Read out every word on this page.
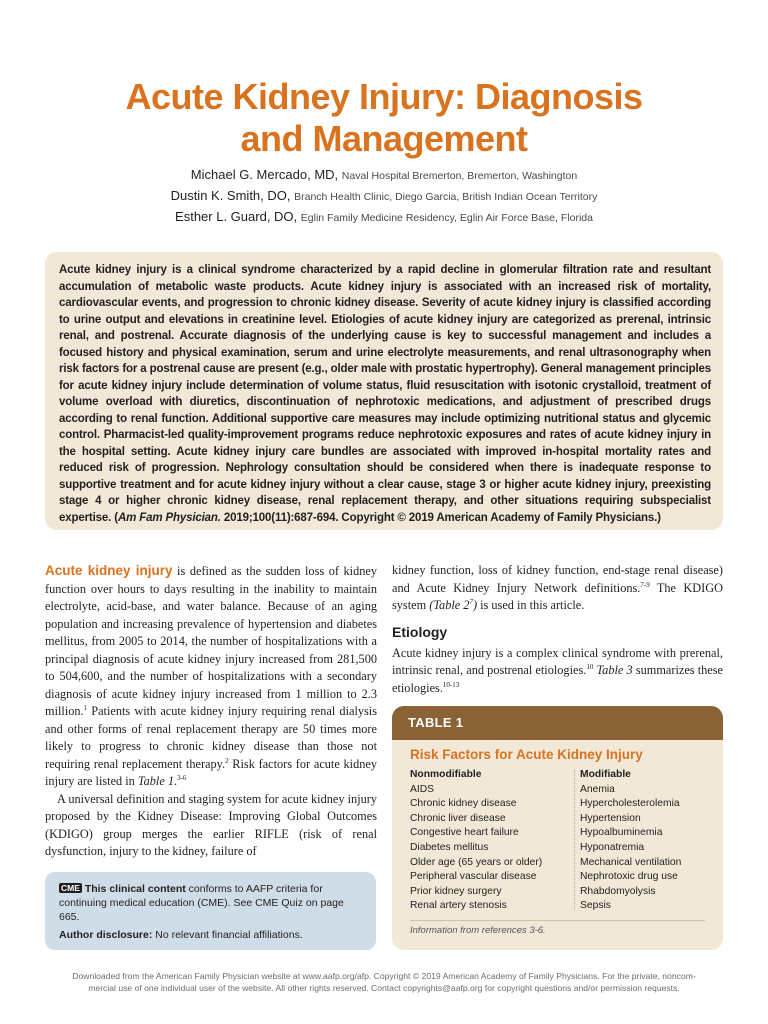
Acute Kidney Injury: Diagnosis
and Management
Michael G. Mercado, MD, Naval Hospital Bremerton, Bremerton, Washington
Dustin K. Smith, DO, Branch Health Clinic, Diego Garcia, British Indian Ocean Territory
Esther L. Guard, DO, Eglin Family Medicine Residency, Eglin Air Force Base, Florida

Acute kidney injury is a clinical syndrome characterized by a rapid decline in glomerular filtration rate and resultant accumulation of metabolic waste products. Acute kidney injury is associated with an increased risk of mortality, cardiovascular events, and progression to chronic kidney disease. Severity of acute kidney injury is classified according to urine output and elevations in creatinine level. Etiologies of acute kidney injury are categorized as prerenal, intrinsic renal, and postrenal. Accurate diagnosis of the underlying cause is key to successful management and includes a focused history and physical examination, serum and urine electrolyte measurements, and renal ultrasonography when risk factors for a postrenal cause are present (e.g., older male with prostatic hypertrophy). General management principles for acute kidney injury include determination of volume status, fluid resuscitation with isotonic crystalloid, treatment of volume overload with diuretics, discontinuation of nephrotoxic medications, and adjustment of prescribed drugs according to renal function. Additional supportive care measures may include optimizing nutritional status and glycemic control. Pharmacist-led quality-improvement programs reduce nephrotoxic exposures and rates of acute kidney injury in the hospital setting. Acute kidney injury care bundles are associated with improved in-hospital mortality rates and reduced risk of progression. Nephrology consultation should be considered when there is inadequate response to supportive treatment and for acute kidney injury without a clear cause, stage 3 or higher acute kidney injury, preexisting stage 4 or higher chronic kidney disease, renal replacement therapy, and other situations requiring subspecialist expertise. (Am Fam Physician. 2019;100(11):687-694. Copyright © 2019 American Academy of Family Physicians.)

Acute kidney injury is defined as the sudden loss of kidney function over hours to days resulting in the inability to maintain electrolyte, acid-base, and water balance. Because of an aging population and increasing prevalence of hypertension and diabetes mellitus, from 2005 to 2014, the number of hospitalizations with a principal diagnosis of acute kidney injury increased from 281,500 to 504,600, and the number of hospitalizations with a secondary diagnosis of acute kidney injury increased from 1 million to 2.3 million.$^1$ Patients with acute kidney injury requiring renal dialysis and other forms of renal replacement therapy are 50 times more likely to progress to chronic kidney disease than those not requiring renal replacement therapy.$^2$ Risk factors for acute kidney injury are listed in Table 1.$^{3-6}$

A universal definition and staging system for acute kidney injury proposed by the Kidney Disease: Improving Global Outcomes (KDIGO) group merges the earlier RIFLE (risk of renal dysfunction, injury to the kidney, failure of

kidney function, loss of kidney function, end-stage renal disease) and Acute Kidney Injury Network definitions.$^{7-9}$ The KDIGO system (Table $2^7$) is used in this article.

Etiology

Acute kidney injury is a complex clinical syndrome with prerenal, intrinsic renal, and postrenal etiologies.$^{10}$ Table 3 summarizes these etiologies.$^{10-13}$

TABLE 1
Risk Factors for Acute Kidney Injury
Nonmodifiable
AIDS
Chronic kidney disease
Chronic liver disease
Congestive heart failure
Diabetes mellitus
Older age (65 years or older)
Peripheral vascular disease
Prior kidney surgery
Renal artery stenosis
Modifiable
Anemia
Hypercholesterolemia
Hypertension
Hypoalbuminemia
Hyponatremia
Mechanical ventilation
Nephrotoxic drug use
Rhabdomyolysis
Sepsis
Information from references 3-6.
CME This clinical content conforms to AAFP criteria for continuing medical education (CME). See CME Quiz on page 665.
Author disclosure: No relevant financial affiliations.
Downloaded from the American Family Physician website at www.aafp.org/afp. Copyright © 2019 American Academy of Family Physicians. For the private, noncom-
mercial use of one individual user of the website. All other rights reserved. Contact copyrights@aafp.org for copyright questions and/or permission requests.
